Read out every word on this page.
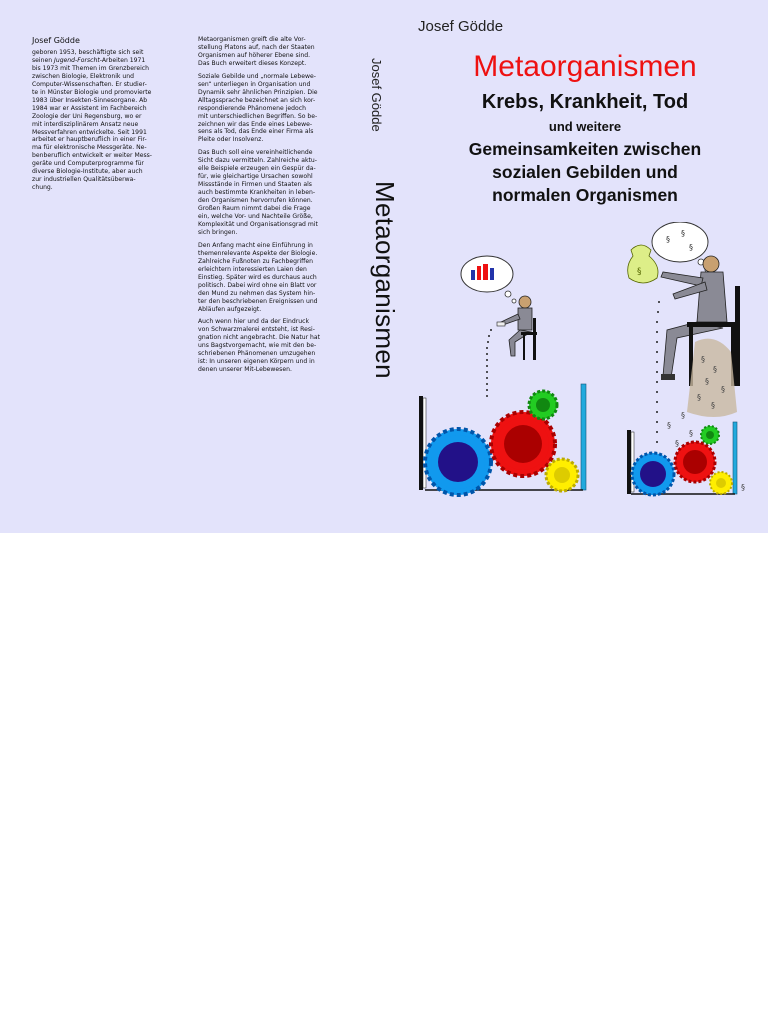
Josef Gödde
geboren 1953, beschäftigte sich seit
seinen Jugend-Forscht-Arbeiten 1971
bis 1973 mit Themen im Grenzbereich
zwischen Biologie, Elektronik und
Computer-Wissenschaften. Er studier-
te in Münster Biologie und promovierte
1983 über Insekten-Sinnesorgane. Ab
1984 war er Assistent im Fachbereich
Zoologie der Uni Regensburg, wo er
mit interdisziplinärem Ansatz neue
Messverfahren entwickelte. Seit 1991
arbeitet er hauptberuflich in einer Fir-
ma für elektronische Messgeräte. Ne-
benberuflich entwickelt er weiter Mess-
geräte und Computerprogramme für
diverse Biologie-Institute, aber auch
zur industriellen Qualitätsüberwa-
chung.

Metaorganismen greift die alte Vor-
stellung Platons auf, nach der Staaten
Organismen auf höherer Ebene sind.
Das Buch erweitert dieses Konzept.

Soziale Gebilde und „normale Lebewe-
sen“ unterliegen in Organisation und
Dynamik sehr ähnlichen Prinzipien. Die
Alltagssprache bezeichnet an sich kor-
respondierende Phänomene jedoch
mit unterschiedlichen Begriffen. So be-
zeichnen wir das Ende eines Lebewe-
sens als Tod, das Ende einer Firma als
Pleite oder Insolvenz.

Das Buch soll eine vereinheitlichende
Sicht dazu vermitteln. Zahlreiche aktu-
elle Beispiele erzeugen ein Gespür da-
für, wie gleichartige Ursachen sowohl
Missstände in Firmen und Staaten als
auch bestimmte Krankheiten in leben-
den Organismen hervorrufen können.
Großen Raum nimmt dabei die Frage
ein, welche Vor- und Nachteile Größe,
Komplexität und Organisationsgrad mit
sich bringen.

Den Anfang macht eine Einführung in
themenrelevante Aspekte der Biologie.
Zahlreiche Fußnoten zu Fachbegriffen
erleichtern interessierten Laien den
Einstieg. Später wird es durchaus auch
politisch. Dabei wird ohne ein Blatt vor
den Mund zu nehmen das System hin-
ter den beschriebenen Ereignissen und
Abläufen aufgezeigt.

Auch wenn hier und da der Eindruck
von Schwarzmalerei entsteht, ist Resi-
gnation nicht angebracht. Die Natur hat
uns Bagstvorgemacht, wie mit den be-
schriebenen Phänomenen umzugehen
ist: In unseren eigenen Körpern und in
denen unserer Mit-Lebewesen.

Josef Gödde
Metaorganismen
Josef Gödde
Metaorganismen
Krebs, Krankheit, Tod
und weitere
Gemeinsamkeiten zwischen
sozialen Gebilden und
normalen Organismen
§
§
§
§
§
§
§
§
§
§
§
§
§
§
§
